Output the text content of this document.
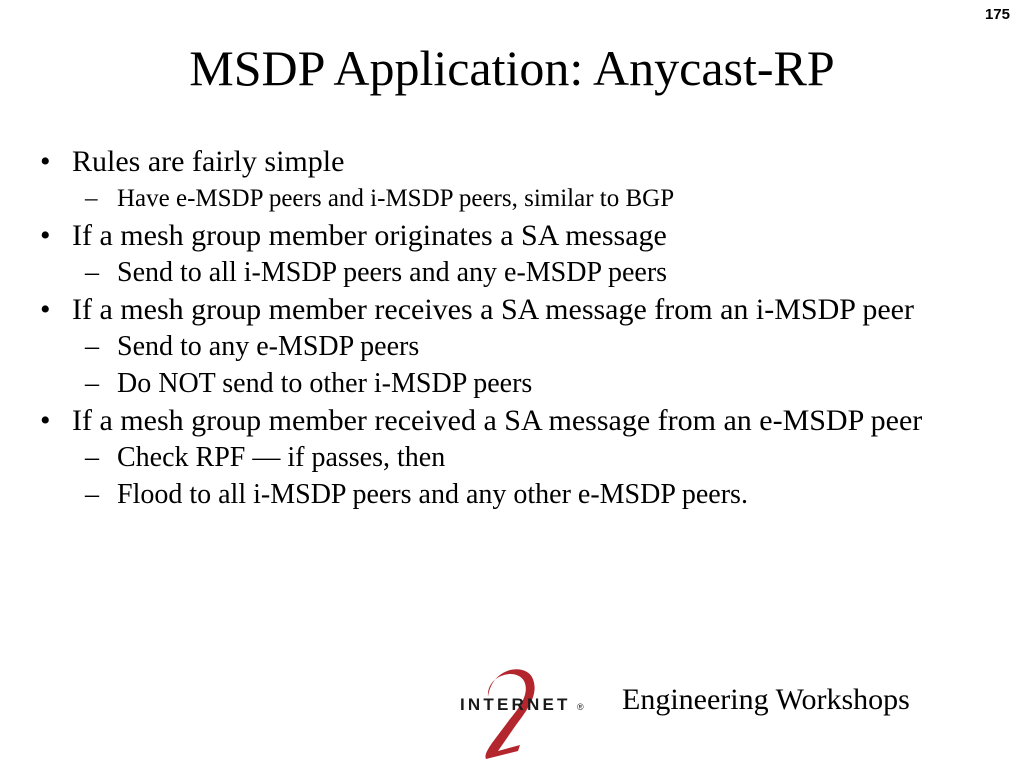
175
MSDP Application: Anycast-RP
• Rules are fairly simple
– Have e-MSDP peers and i-MSDP peers, similar to BGP
• If a mesh group member originates a SA message
– Send to all i-MSDP peers and any e-MSDP peers
• If a mesh group member receives a SA message from an i-MSDP peer
– Send to any e-MSDP peers
– Do NOT send to other i-MSDP peers
• If a mesh group member received a SA message from an e-MSDP peer
– Check RPF — if passes, then
– Flood to all i-MSDP peers and any other e-MSDP peers.
INTERNET ® Engineering Workshops
